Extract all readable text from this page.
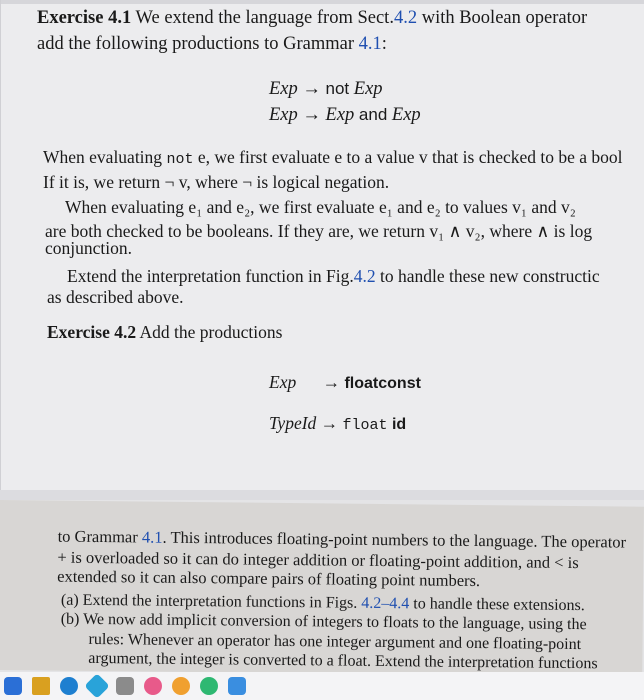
Exercise 4.1 We extend the language from Sect.4.2 with Boolean operator
add the following productions to Grammar 4.1:
Exp → not Exp
Exp → Exp and Exp
When evaluating not e, we first evaluate e to a value v that is checked to be a bool
If it is, we return ¬ v, where ¬ is logical negation.
When evaluating e₁ and e₂, we first evaluate e₁ and e₂ to values v₁ and v₂
are both checked to be booleans. If they are, we return v₁ ∧ v₂, where ∧ is log
conjunction.
Extend the interpretation function in Fig.4.2 to handle these new constructic
as described above.
Exercise 4.2 Add the productions
Exp → floatconst
TypeId → float id
to Grammar 4.1. This introduces floating-point numbers to the language. The operator
+ is overloaded so it can do integer addition or floating-point addition, and < is
extended so it can also compare pairs of floating point numbers.
(a) Extend the interpretation functions in Figs. 4.2–4.4 to handle these extensions.
(b) We now add implicit conversion of integers to floats to the language, using the
rules: Whenever an operator has one integer argument and one floating-point
argument, the integer is converted to a float. Extend the interpretation functions
